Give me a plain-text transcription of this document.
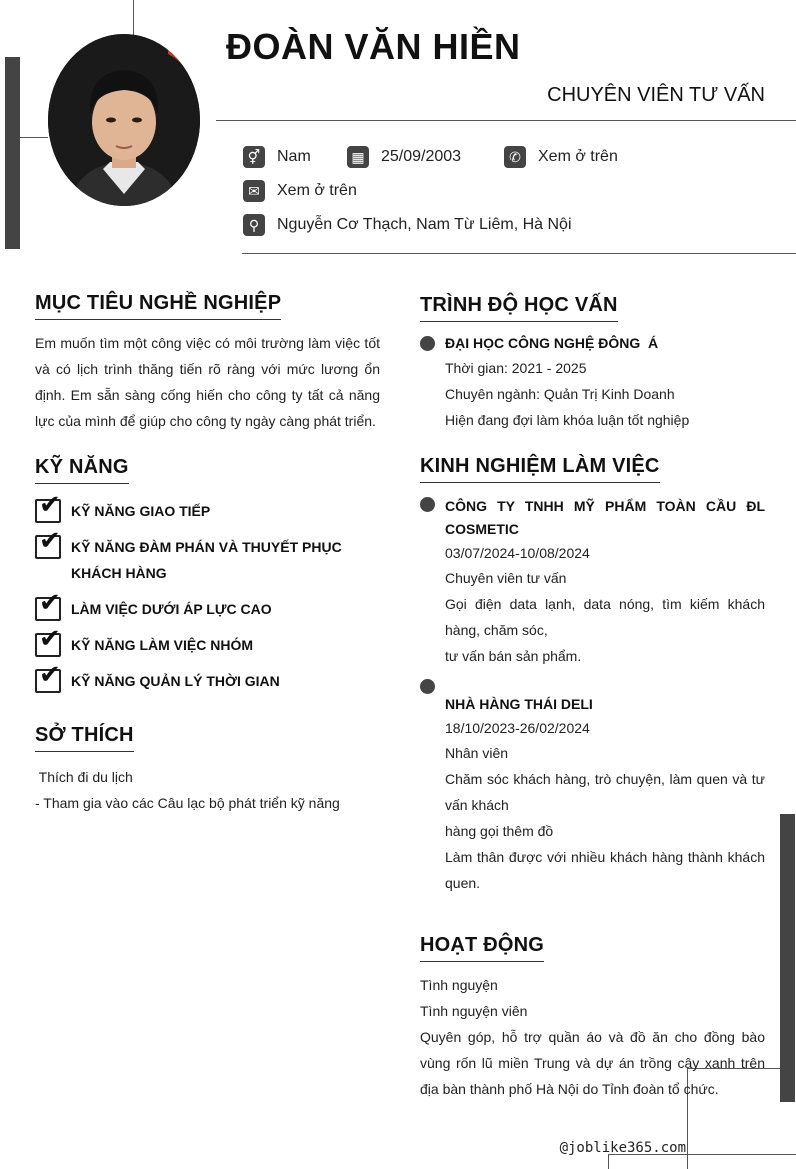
ĐOÀN VĂN HIỀN
CHUYÊN VIÊN TƯ VẤN
⚥ Nam	▦ 25/09/2003	✆	Xem ở trên
✉	Xem ở trên
⚲	Nguyễn Cơ Thạch, Nam Từ Liêm, Hà Nội
MỤC TIÊU NGHỀ NGHIỆP
Em muốn tìm một công việc có môi trường làm việc tốt và có lịch trình thăng tiến rõ ràng với mức lương ổn định. Em sẵn sàng cống hiến cho công ty tất cả năng lực của mình để giúp cho công ty ngày càng phát triển.
KỸ NĂNG
✔ KỸ NĂNG GIAO TIẾP
✔ KỸ NĂNG ĐÀM PHÁN VÀ THUYẾT PHỤC KHÁCH HÀNG
✔ LÀM VIỆC DƯỚI ÁP LỰC CAO
✔ KỸ NĂNG LÀM VIỆC NHÓM
✔ KỸ NĂNG QUẢN LÝ THỜI GIAN
SỞ THÍCH
Thích đi du lịch
- Tham gia vào các Câu lạc bộ phát triển kỹ năng
TRÌNH ĐỘ HỌC VẤN
ĐẠI HỌC CÔNG NGHỆ ĐÔNG  Á
Thời gian: 2021 - 2025
Chuyên ngành: Quản Trị Kinh Doanh
Hiện đang đợi làm khóa luận tốt nghiệp
KINH NGHIỆM LÀM VIỆC
CÔNG TY TNHH MỸ PHẨM TOÀN CẦU ĐL COSMETIC
03/07/2024-10/08/2024
Chuyên viên tư vấn
Gọi điện data lạnh, data nóng, tìm kiếm khách hàng, chăm sóc,
tư vấn bán sản phẩm.
NHÀ HÀNG THÁI DELI
18/10/2023-26/02/2024
Nhân viên
Chăm sóc khách hàng, trò chuyện, làm quen và tư vấn khách
hàng gọi thêm đồ
Làm thân được với nhiều khách hàng thành khách quen.
HOẠT ĐỘNG
Tình nguyện
Tình nguyện viên
Quyên góp, hỗ trợ quần áo và đồ ăn cho đồng bào vùng rốn lũ miền Trung và dự án trồng cây xanh trên địa bàn thành phố Hà Nội do Tỉnh đoàn tổ chức.
@joblike365.com
